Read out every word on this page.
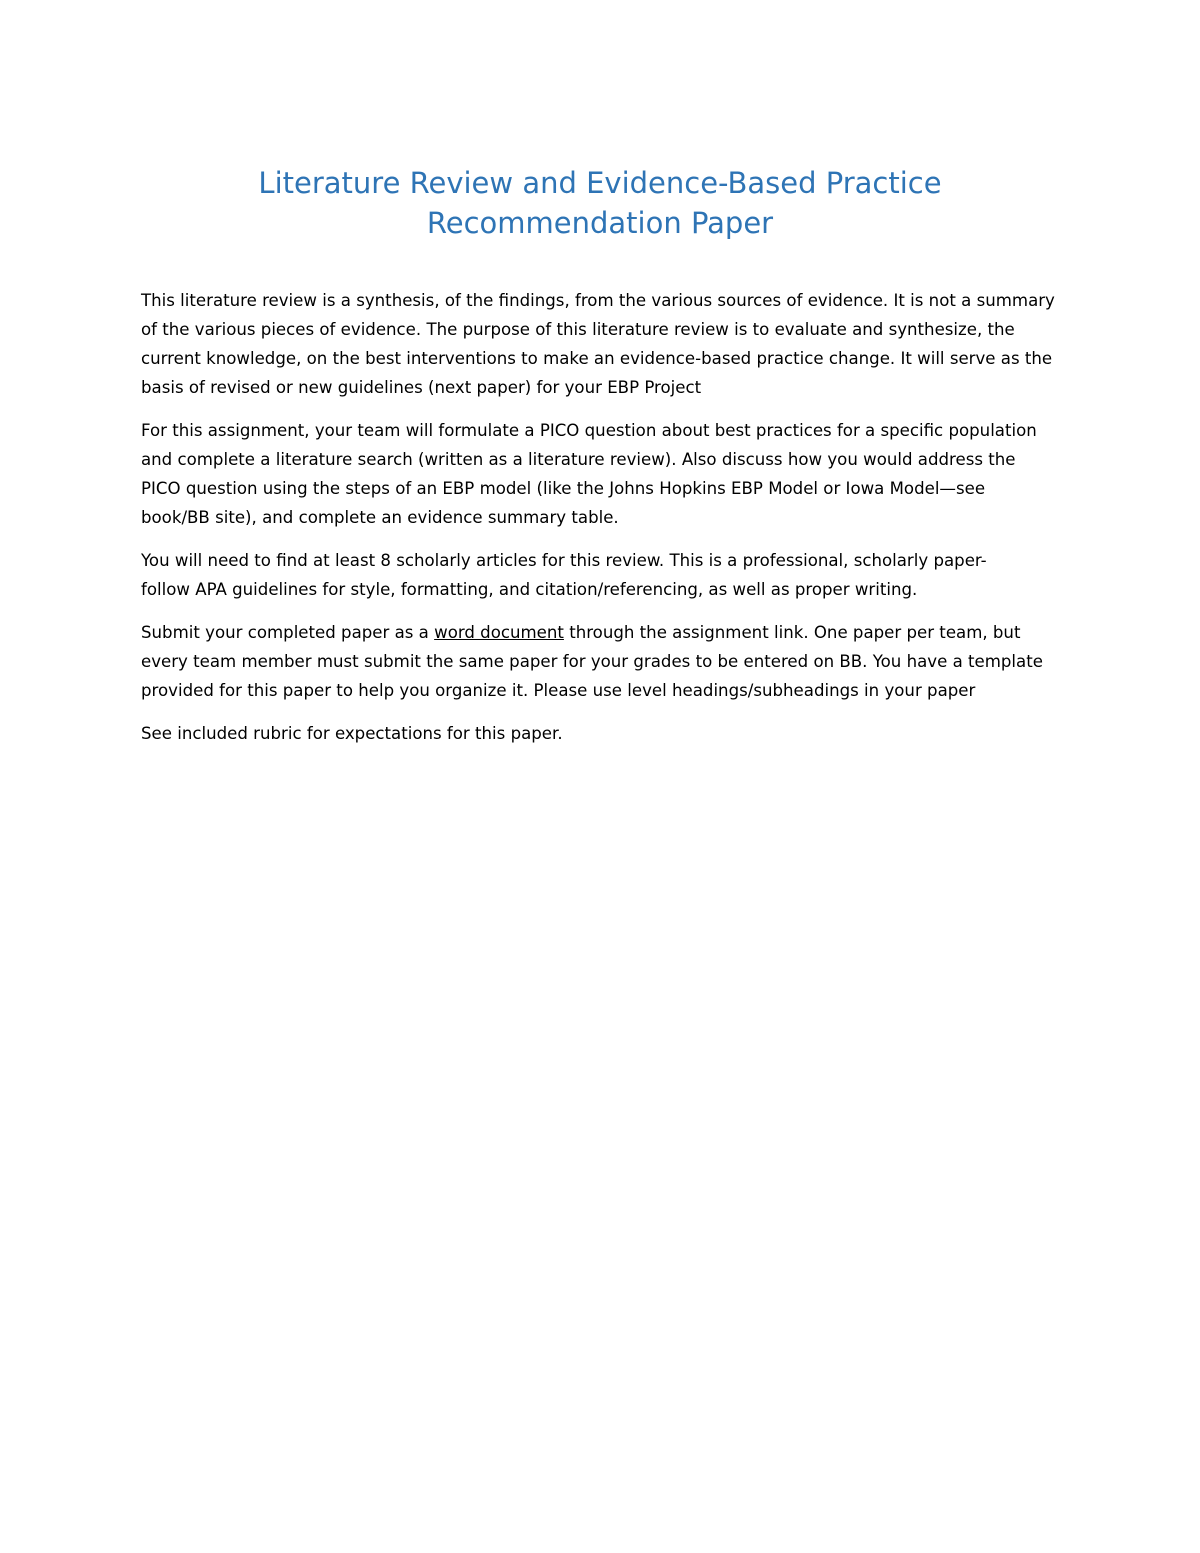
Literature Review and Evidence-Based Practice
Recommendation Paper

This literature review is a synthesis, of the findings, from the various sources of evidence. It is not a summary of the various pieces of evidence. The purpose of this literature review is to evaluate and synthesize, the current knowledge, on the best interventions to make an evidence-based practice change. It will serve as the basis of revised or new guidelines (next paper) for your EBP Project

For this assignment, your team will formulate a PICO question about best practices for a specific population and complete a literature search (written as a literature review). Also discuss how you would address the PICO question using the steps of an EBP model (like the Johns Hopkins EBP Model or Iowa Model—see book/BB site), and complete an evidence summary table.

You will need to find at least 8 scholarly articles for this review. This is a professional, scholarly paper-
follow APA guidelines for style, formatting, and citation/referencing, as well as proper writing.

Submit your completed paper as a word document through the assignment link. One paper per team, but every team member must submit the same paper for your grades to be entered on BB. You have a template provided for this paper to help you organize it. Please use level headings/subheadings in your paper

See included rubric for expectations for this paper.
